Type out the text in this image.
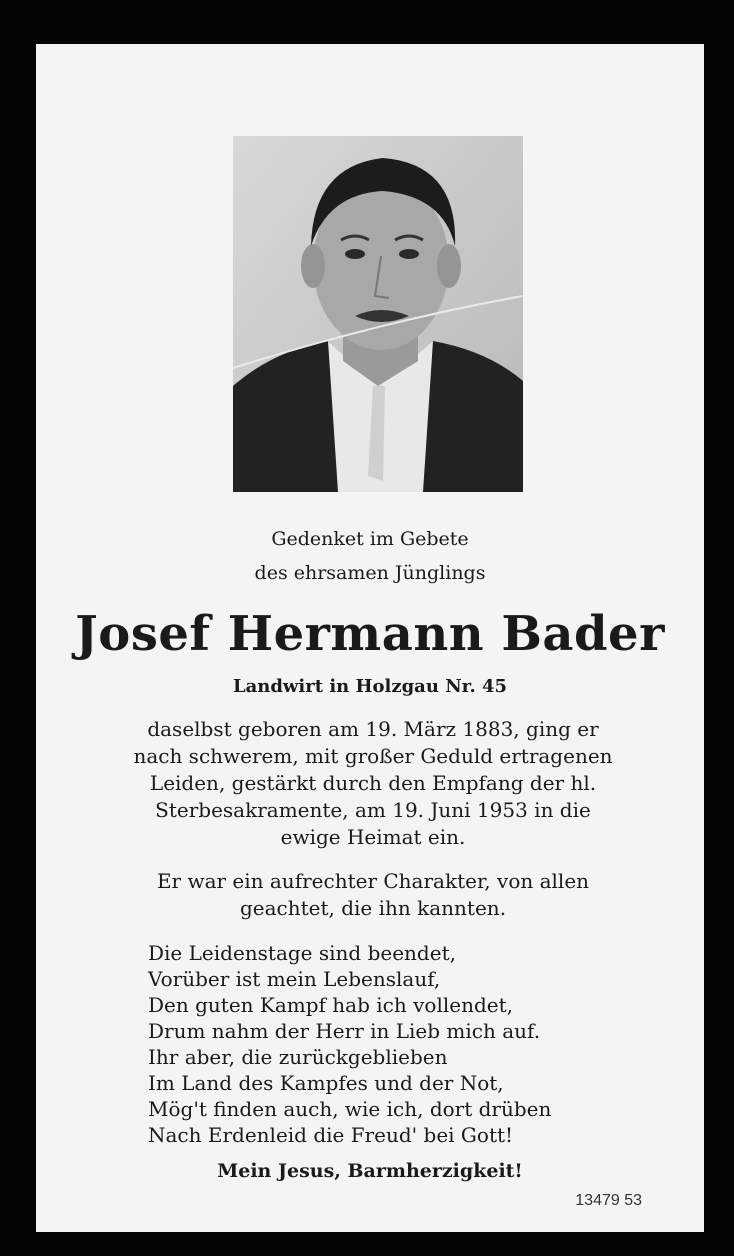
Gedenket im Gebete
des ehrsamen Jünglings
Josef Hermann Bader
Landwirt in Holzgau Nr. 45
daselbst geboren am 19. März 1883, ging er
nach schwerem, mit großer Geduld ertragenen
Leiden, gestärkt durch den Empfang der hl.
Sterbesakramente, am 19. Juni 1953 in die
ewige Heimat ein.
Er war ein aufrechter Charakter, von allen
geachtet, die ihn kannten.
Die Leidenstage sind beendet,
Vorüber ist mein Lebenslauf,
Den guten Kampf hab ich vollendet,
Drum nahm der Herr in Lieb mich auf.
Ihr aber, die zurückgeblieben
Im Land des Kampfes und der Not,
Mög't finden auch, wie ich, dort drüben
Nach Erdenleid die Freud' bei Gott!
Mein Jesus, Barmherzigkeit!
13479 53
